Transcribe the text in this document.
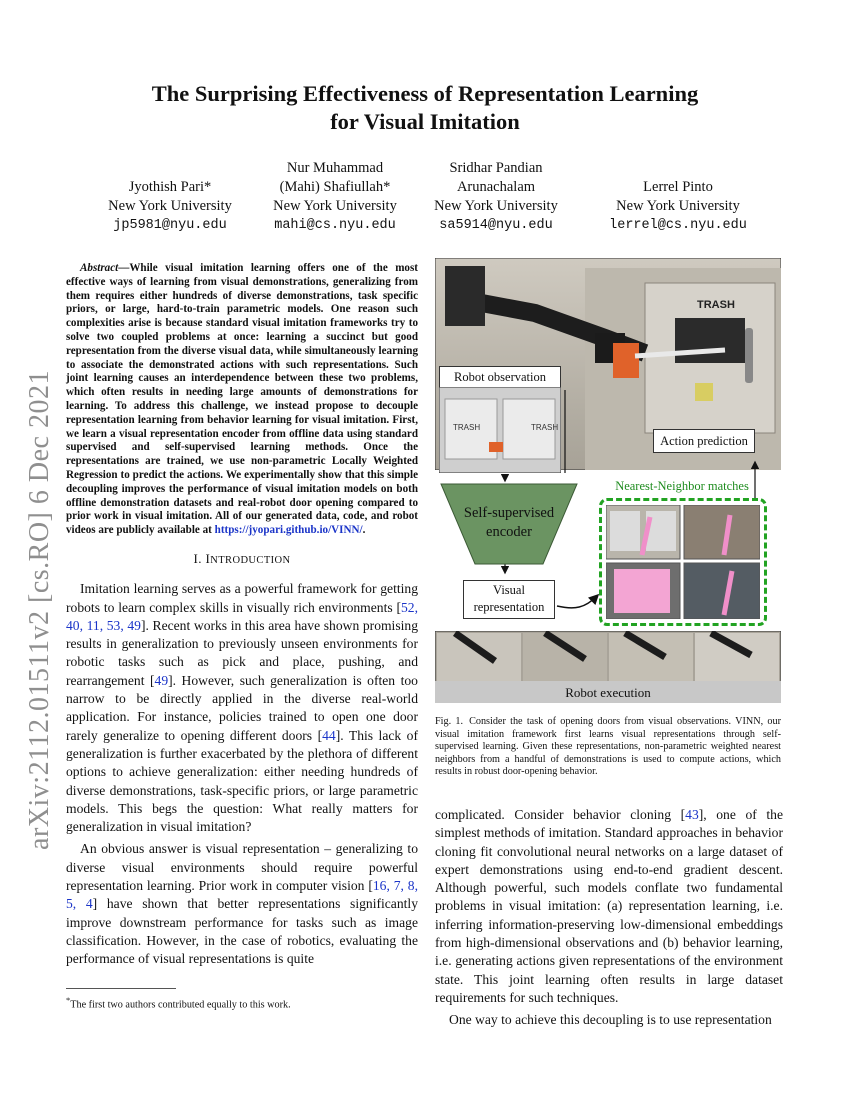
arXiv:2112.01511v2 [cs.RO] 6 Dec 2021
The Surprising Effectiveness of Representation Learning
for Visual Imitation
Jyothish Pari*
New York University
jp5981@nyu.edu
Nur Muhammad
(Mahi) Shafiullah*
New York University
mahi@cs.nyu.edu
Sridhar Pandian
Arunachalam
New York University
sa5914@nyu.edu
Lerrel Pinto
New York University
lerrel@cs.nyu.edu
Abstract—While visual imitation learning offers one of the most effective ways of learning from visual demonstrations, generalizing from them requires either hundreds of diverse demonstrations, task specific priors, or large, hard-to-train parametric models. One reason such complexities arise is because standard visual imitation frameworks try to solve two coupled problems at once: learning a succinct but good representation from the diverse visual data, while simultaneously learning to associate the demonstrated actions with such representations. Such joint learning causes an interdependence between these two problems, which often results in needing large amounts of demonstrations for learning. To address this challenge, we instead propose to decouple representation learning from behavior learning for visual imitation. First, we learn a visual representation encoder from offline data using standard supervised and self-supervised learning methods. Once the representations are trained, we use non-parametric Locally Weighted Regression to predict the actions. We experimentally show that this simple decoupling improves the performance of visual imitation models on both offline demonstration datasets and real-robot door opening compared to prior work in visual imitation. All of our generated data, code, and robot videos are publicly available at https://jyopari.github.io/VINN/.
I. INTRODUCTION

Imitation learning serves as a powerful framework for getting robots to learn complex skills in visually rich environments [52, 40, 11, 53, 49]. Recent works in this area have shown promising results in generalization to previously unseen environments for robotic tasks such as pick and place, pushing, and rearrangement [49]. However, such generalization is often too narrow to be directly applied in the diverse real-world application. For instance, policies trained to open one door rarely generalize to opening different doors [44]. This lack of generalization is further exacerbated by the plethora of different options to achieve generalization: either needing hundreds of diverse demonstrations, task-specific priors, or large parametric models. This begs the question: What really matters for generalization in visual imitation?

An obvious answer is visual representation – generalizing to diverse visual environments should require powerful representation learning. Prior work in computer vision [16, 7, 8, 5, 4] have shown that better representations significantly improve downstream performance for tasks such as image classification. However, in the case of robotics, evaluating the performance of visual representations is quite

*The first two authors contributed equally to this work.
TRASH
Robot observation
TRASH	TRASH
Action prediction
Self-supervised
encoder
Visual
representation
Nearest-Neighbor matches
Robot execution
Fig. 1. Consider the task of opening doors from visual observations. VINN, our visual imitation framework first learns visual representations through self-supervised learning. Given these representations, non-parametric weighted nearest neighbors from a handful of demonstrations is used to compute actions, which results in robust door-opening behavior.

complicated. Consider behavior cloning [43], one of the simplest methods of imitation. Standard approaches in behavior cloning fit convolutional neural networks on a large dataset of expert demonstrations using end-to-end gradient descent. Although powerful, such models conflate two fundamental problems in visual imitation: (a) representation learning, i.e. inferring information-preserving low-dimensional embeddings from high-dimensional observations and (b) behavior learning, i.e. generating actions given representations of the environment state. This joint learning often results in large dataset requirements for such techniques.

One way to achieve this decoupling is to use representation
